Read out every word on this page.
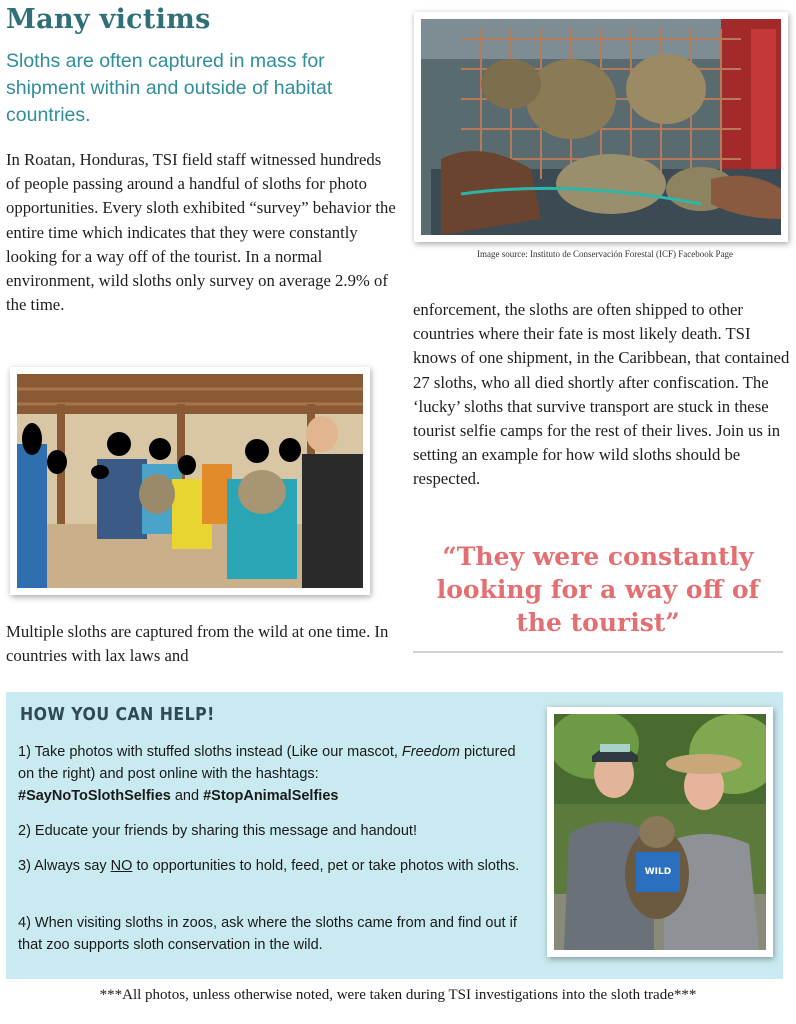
Many victims
Sloths are often captured in mass for shipment within and outside of habitat countries.
In Roatan, Honduras, TSI field staff witnessed hundreds of people passing around a handful of sloths for photo opportunities. Every sloth exhibited “survey” behavior the entire time which indicates that they were constantly looking for a way off of the tourist. In a normal environment, wild sloths only survey on average 2.9% of the time.
Image source: Instituto de Conservación Forestal (ICF) Facebook Page
Multiple sloths are captured from the wild at one time. In countries with lax laws and
enforcement, the sloths are often shipped to other countries where their fate is most likely death. TSI knows of one shipment, in the Caribbean, that contained 27 sloths, who all died shortly after confiscation. The ‘lucky’ sloths that survive transport are stuck in these tourist selfie camps for the rest of their lives. Join us in setting an example for how wild sloths should be respected.
“They were constantly looking for a way off of the tourist”
HOW YOU CAN HELP!
1) Take photos with stuffed sloths instead (Like our mascot, Freedom pictured on the right) and post online with the hashtags:
#SayNoToSlothSelfies and #StopAnimalSelfies
2) Educate your friends by sharing this message and handout!
3) Always say NO to opportunities to hold, feed, pet or take photos with sloths.
4) When visiting sloths in zoos, ask where the sloths came from and find out if that zoo supports sloth conservation in the wild.
WILD
***All photos, unless otherwise noted, were taken during TSI investigations into the sloth trade***
